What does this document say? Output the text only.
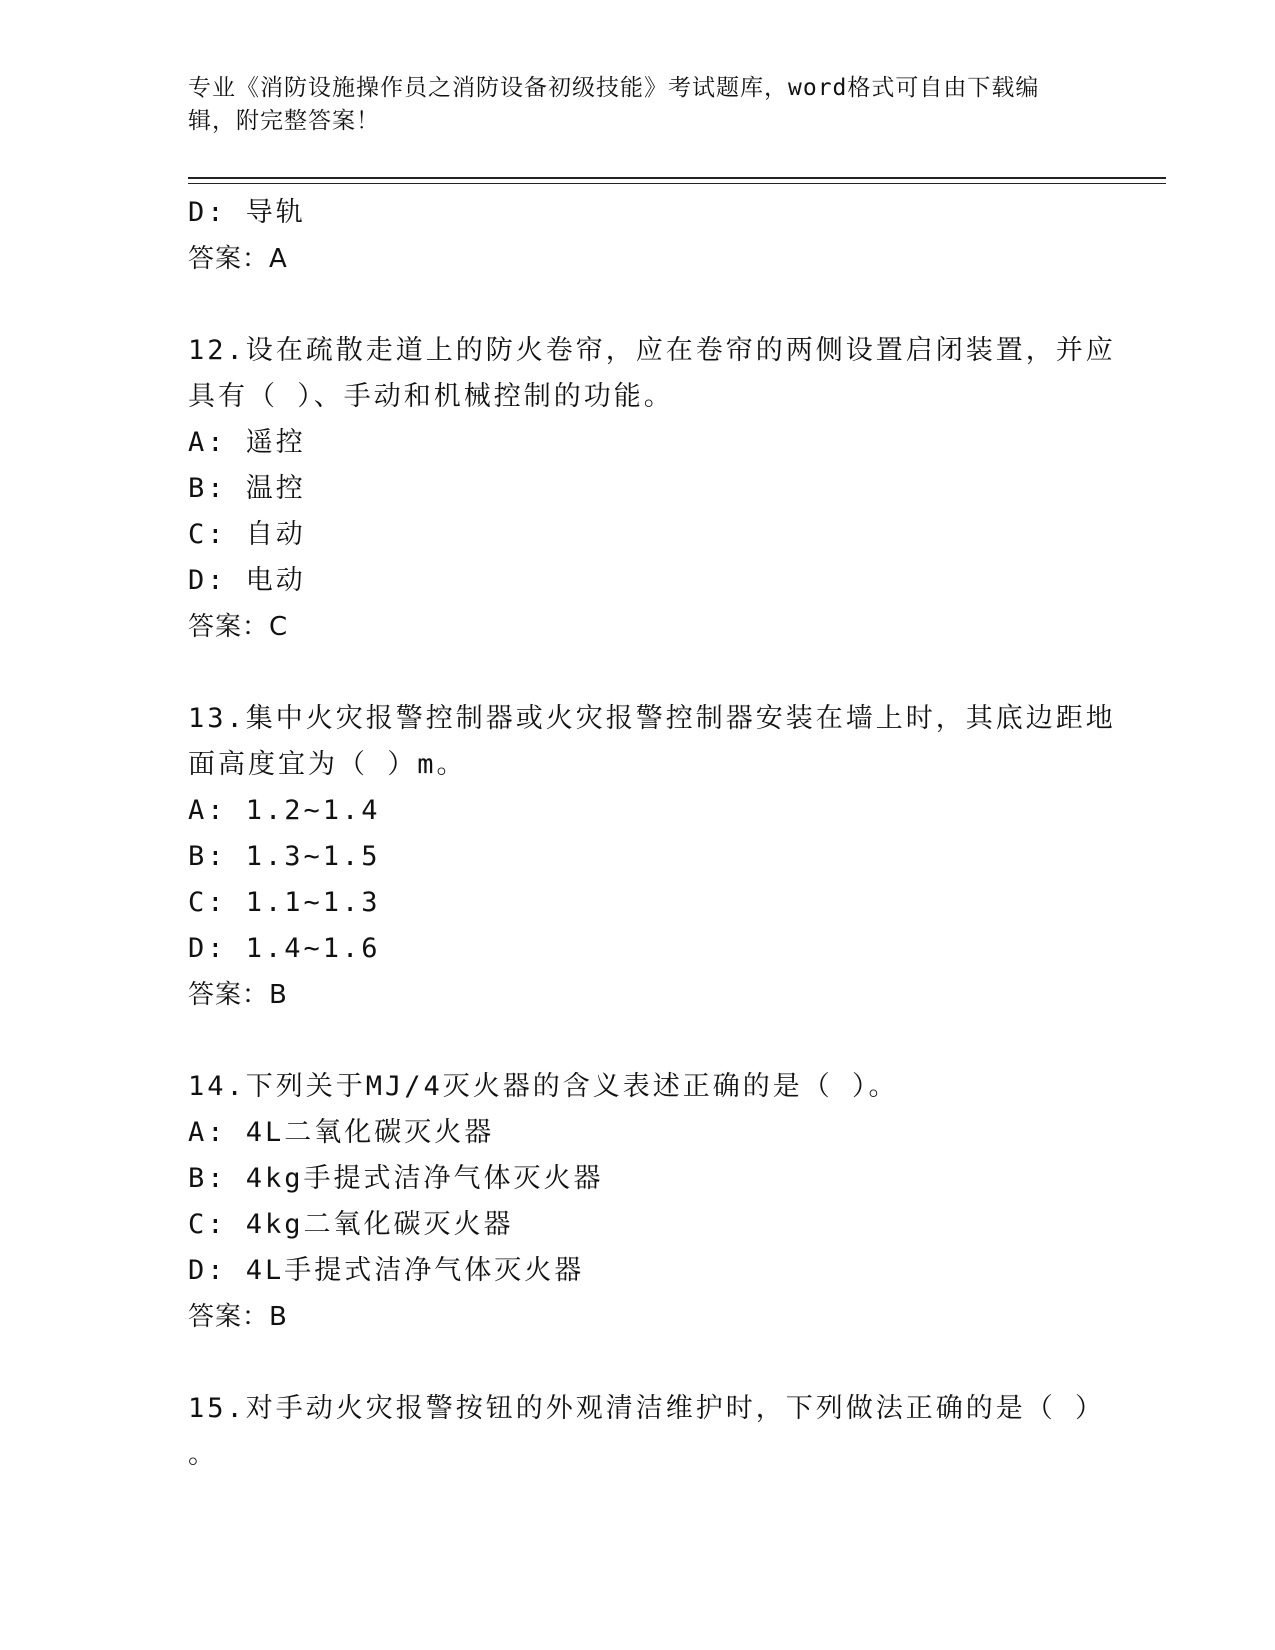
专业《消防设施操作员之消防设备初级技能》考试题库，word格式可自由下载编
辑，附完整答案！
D: 导轨
答案：A
12.设在疏散走道上的防火卷帘，应在卷帘的两侧设置启闭装置，并应
具有（ ）、手动和机械控制的功能。
A: 遥控
B: 温控
C: 自动
D: 电动
答案：C
13.集中火灾报警控制器或火灾报警控制器安装在墙上时，其底边距地
面高度宜为（ ）m。
A: 1.2~1.4
B: 1.3~1.5
C: 1.1~1.3
D: 1.4~1.6
答案：B
14.下列关于MJ/4灭火器的含义表述正确的是（ ）。
A: 4L二氧化碳灭火器
B: 4kg手提式洁净气体灭火器
C: 4kg二氧化碳灭火器
D: 4L手提式洁净气体灭火器
答案：B
15.对手动火灾报警按钮的外观清洁维护时，下列做法正确的是（ ）
。
